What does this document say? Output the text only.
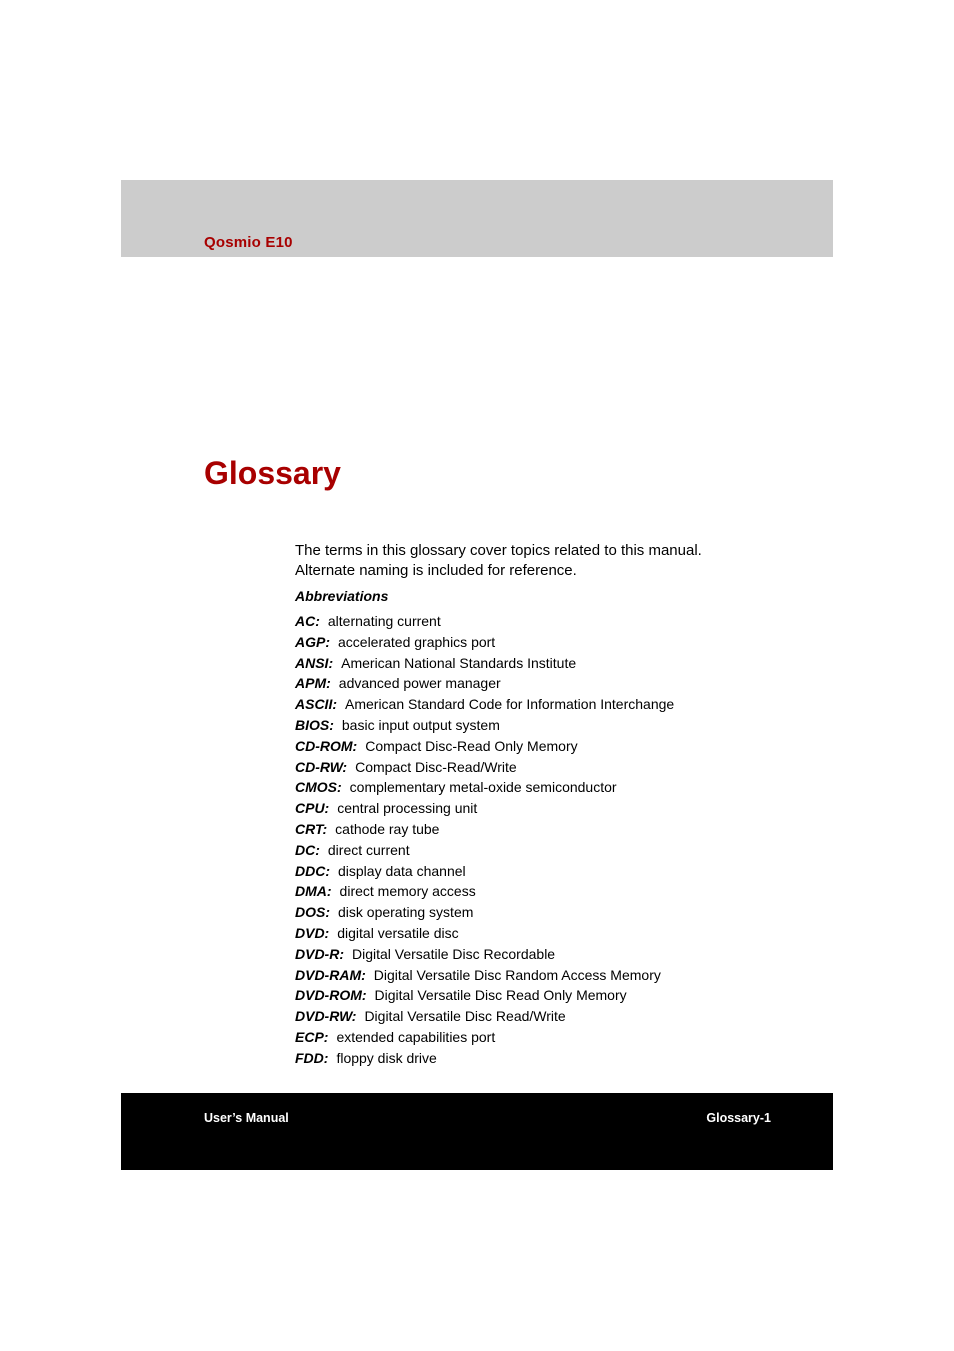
Qosmio E10
Glossary
The terms in this glossary cover topics related to this manual.
Alternate naming is included for reference.
Abbreviations
AC: alternating current
AGP: accelerated graphics port
ANSI: American National Standards Institute
APM: advanced power manager
ASCII: American Standard Code for Information Interchange
BIOS: basic input output system
CD-ROM: Compact Disc-Read Only Memory
CD-RW: Compact Disc-Read/Write
CMOS: complementary metal-oxide semiconductor
CPU: central processing unit
CRT: cathode ray tube
DC: direct current
DDC: display data channel
DMA: direct memory access
DOS: disk operating system
DVD: digital versatile disc
DVD-R: Digital Versatile Disc Recordable
DVD-RAM: Digital Versatile Disc Random Access Memory
DVD-ROM: Digital Versatile Disc Read Only Memory
DVD-RW: Digital Versatile Disc Read/Write
ECP: extended capabilities port
FDD: floppy disk drive
User’s Manual	Glossary-1
